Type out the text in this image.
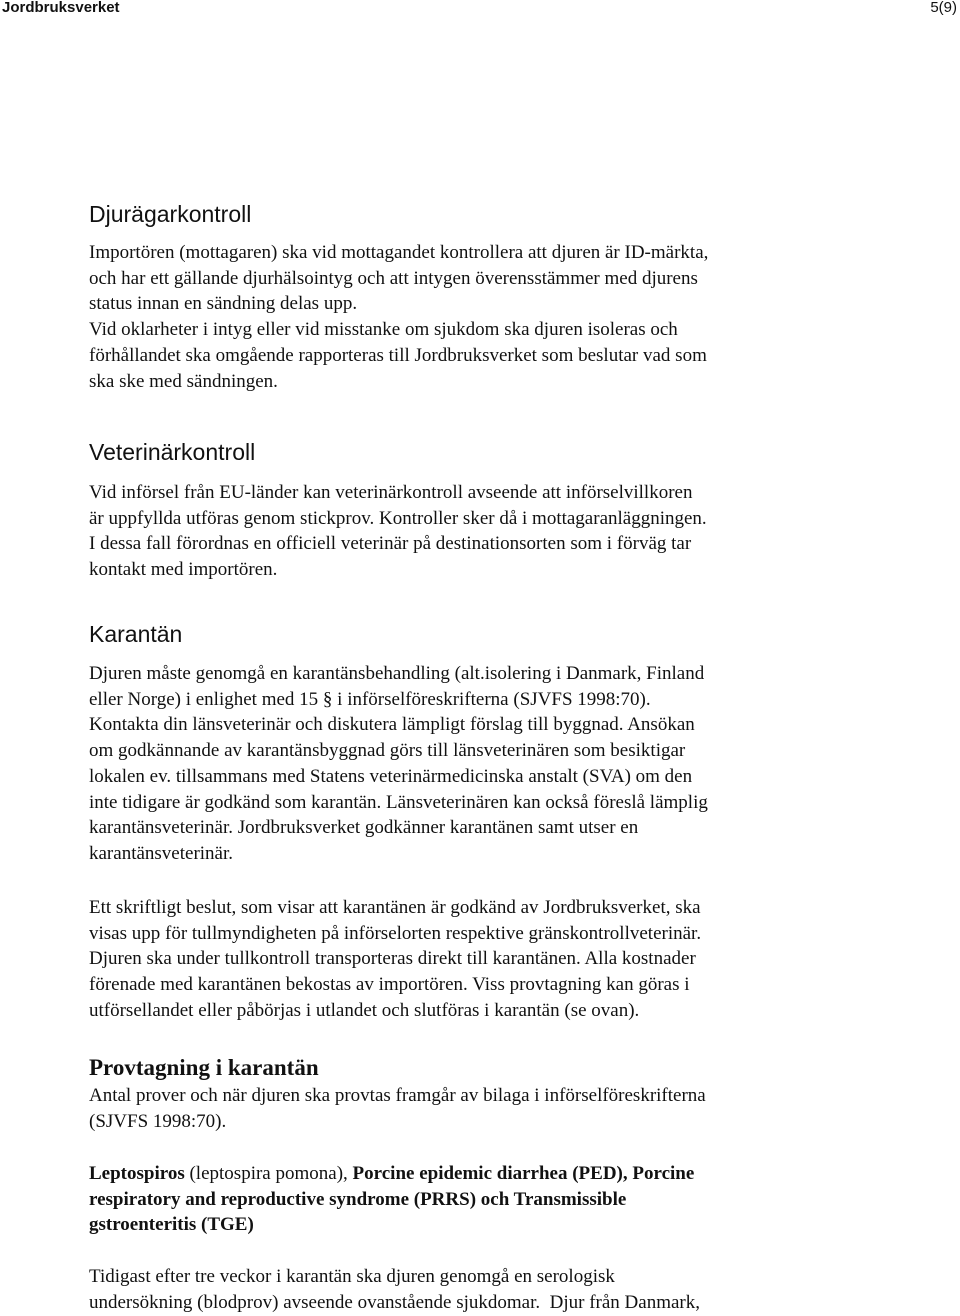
Jordbruksverket	5(9)
Djurägarkontroll

Importören (mottagaren) ska vid mottagandet kontrollera att djuren är ID-märkta,
och har ett gällande djurhälsointyg och att intygen överensstämmer med djurens
status innan en sändning delas upp.
Vid oklarheter i intyg eller vid misstanke om sjukdom ska djuren isoleras och
förhållandet ska omgående rapporteras till Jordbruksverket som beslutar vad som
ska ske med sändningen.

Veterinärkontroll

Vid införsel från EU-länder kan veterinärkontroll avseende att införselvillkoren
är uppfyllda utföras genom stickprov. Kontroller sker då i mottagaranläggningen.
I dessa fall förordnas en officiell veterinär på destinationsorten som i förväg tar
kontakt med importören.

Karantän

Djuren måste genomgå en karantänsbehandling (alt.isolering i Danmark, Finland
eller Norge) i enlighet med 15 § i införselföreskrifterna (SJVFS 1998:70).
Kontakta din länsveterinär och diskutera lämpligt förslag till byggnad. Ansökan
om godkännande av karantänsbyggnad görs till länsveterinären som besiktigar
lokalen ev. tillsammans med Statens veterinärmedicinska anstalt (SVA) om den
inte tidigare är godkänd som karantän. Länsveterinären kan också föreslå lämplig
karantänsveterinär. Jordbruksverket godkänner karantänen samt utser en
karantänsveterinär.

Ett skriftligt beslut, som visar att karantänen är godkänd av Jordbruksverket, ska
visas upp för tullmyndigheten på införselorten respektive gränskontrollveterinär.
Djuren ska under tullkontroll transporteras direkt till karantänen. Alla kostnader
förenade med karantänen bekostas av importören. Viss provtagning kan göras i
utförsellandet eller påbörjas i utlandet och slutföras i karantän (se ovan).

Provtagning i karantän

Antal prover och när djuren ska provtas framgår av bilaga i införselföreskrifterna
(SJVFS 1998:70).

Leptospiros (leptospira pomona), Porcine epidemic diarrhea (PED), Porcine
respiratory and reproductive syndrome (PRRS) och Transmissible
gstroenteritis (TGE)

Tidigast efter tre veckor i karantän ska djuren genomgå en serologisk
undersökning (blodprov) avseende ovanstående sjukdomar.  Djur från Danmark,
